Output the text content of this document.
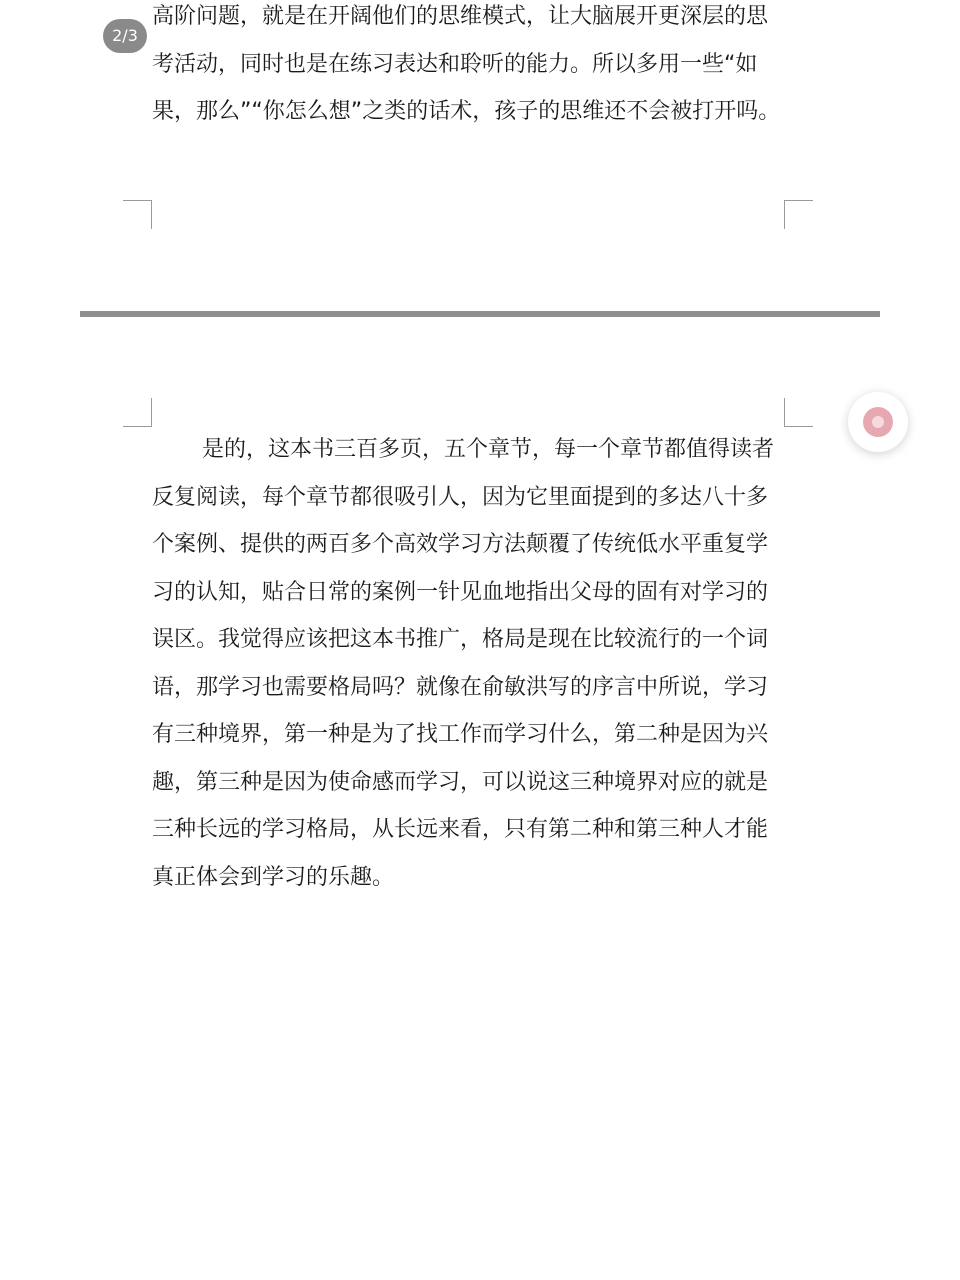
高阶问题，就是在开阔他们的思维模式，让大脑展开更深层的思考活动，同时也是在练习表达和聆听的能力。所以多用一些“如果，那么”“你怎么想”之类的话术，孩子的思维还不会被打开吗。

2/3

是的，这本书三百多页，五个章节，每一个章节都值得读者反复阅读，每个章节都很吸引人，因为它里面提到的多达八十多个案例、提供的两百多个高效学习方法颠覆了传统低水平重复学习的认知，贴合日常的案例一针见血地指出父母的固有对学习的误区。我觉得应该把这本书推广，格局是现在比较流行的一个词语，那学习也需要格局吗？就像在俞敏洪写的序言中所说，学习有三种境界，第一种是为了找工作而学习什么，第二种是因为兴趣，第三种是因为使命感而学习，可以说这三种境界对应的就是三种长远的学习格局，从长远来看，只有第二种和第三种人才能真正体会到学习的乐趣。
